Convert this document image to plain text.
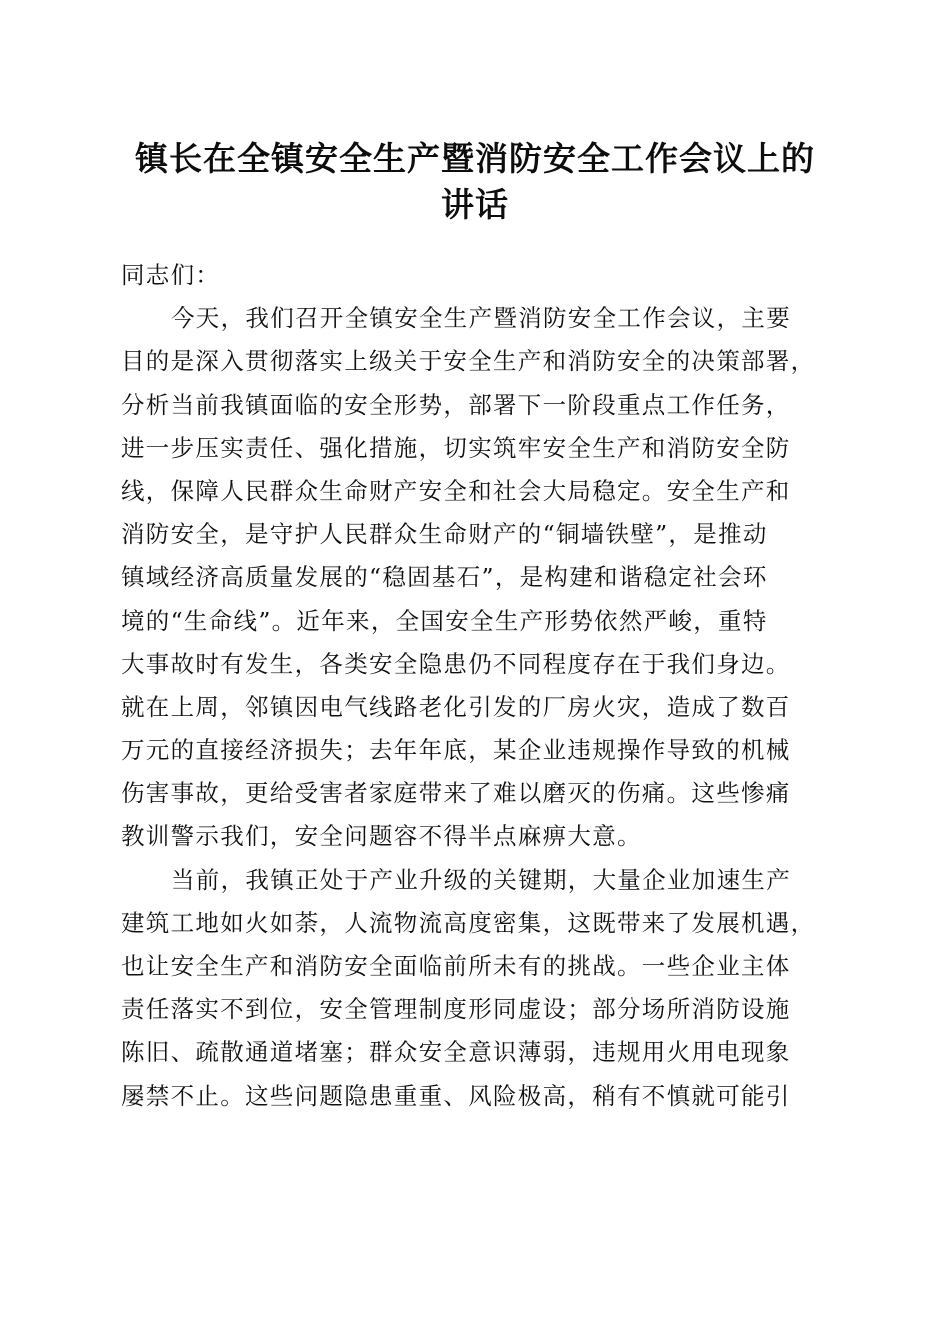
镇长在全镇安全生产暨消防安全工作会议上的
讲话
同志们：
今天，我们召开全镇安全生产暨消防安全工作会议，主要
目的是深入贯彻落实上级关于安全生产和消防安全的决策部署，
分析当前我镇面临的安全形势，部署下一阶段重点工作任务，
进一步压实责任、强化措施，切实筑牢安全生产和消防安全防
线，保障人民群众生命财产安全和社会大局稳定。安全生产和
消防安全，是守护人民群众生命财产的“铜墙铁壁”，是推动
镇域经济高质量发展的“稳固基石”，是构建和谐稳定社会环
境的“生命线”。近年来，全国安全生产形势依然严峻，重特
大事故时有发生，各类安全隐患仍不同程度存在于我们身边。
就在上周，邻镇因电气线路老化引发的厂房火灾，造成了数百
万元的直接经济损失；去年年底，某企业违规操作导致的机械
伤害事故，更给受害者家庭带来了难以磨灭的伤痛。这些惨痛
教训警示我们，安全问题容不得半点麻痹大意。
当前，我镇正处于产业升级的关键期，大量企业加速生产
建筑工地如火如荼，人流物流高度密集，这既带来了发展机遇，
也让安全生产和消防安全面临前所未有的挑战。一些企业主体
责任落实不到位，安全管理制度形同虚设；部分场所消防设施
陈旧、疏散通道堵塞；群众安全意识薄弱，违规用火用电现象
屡禁不止。这些问题隐患重重、风险极高，稍有不慎就可能引
